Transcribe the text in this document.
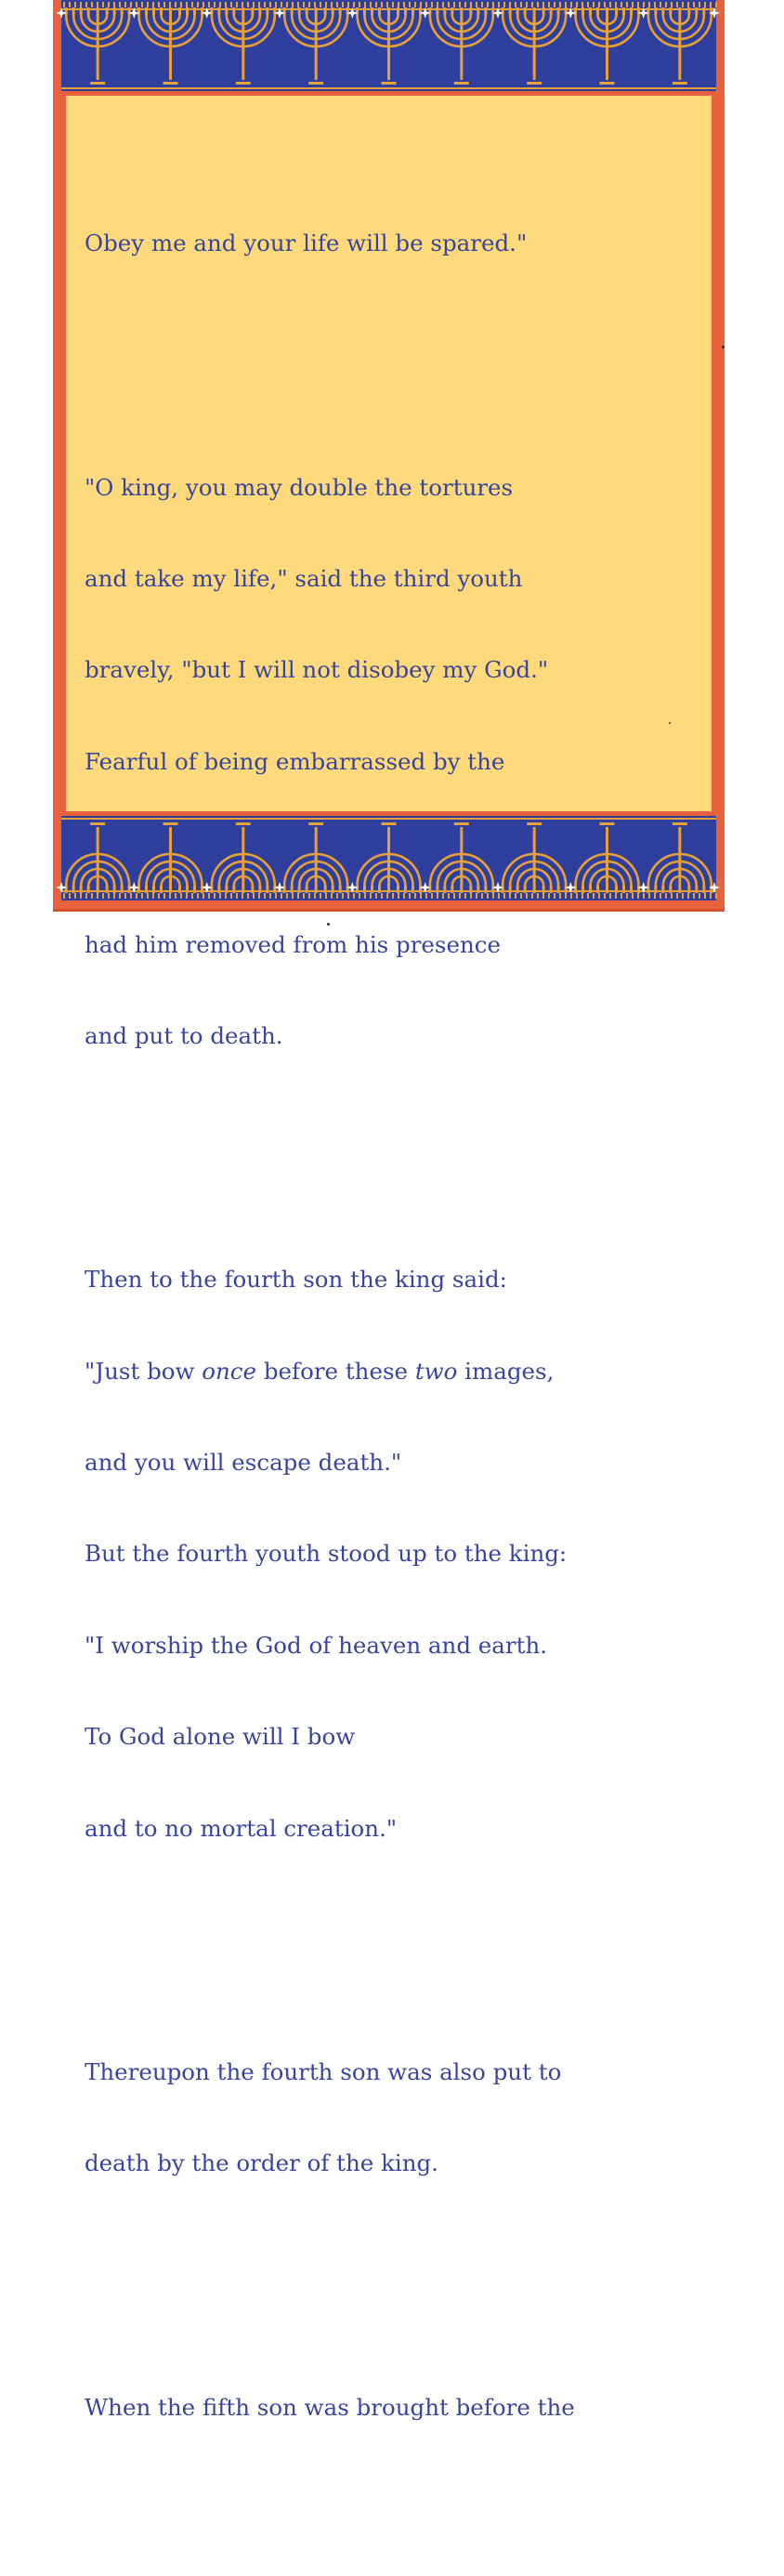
Obey me and your life will be spared."

"O king, you may double the tortures

and take my life," said the third youth

bravely, "but I will not disobey my God."

Fearful of being embarrassed by the

had him removed from his presence

and put to death.

Then to the fourth son the king said:

"Just bow once before these two images,

and you will escape death."

But the fourth youth stood up to the king:

"I worship the God of heaven and earth.

To God alone will I bow

and to no mortal creation."

Thereupon the fourth son was also put to

death by the order of the king.

When the fifth son was brought before the
